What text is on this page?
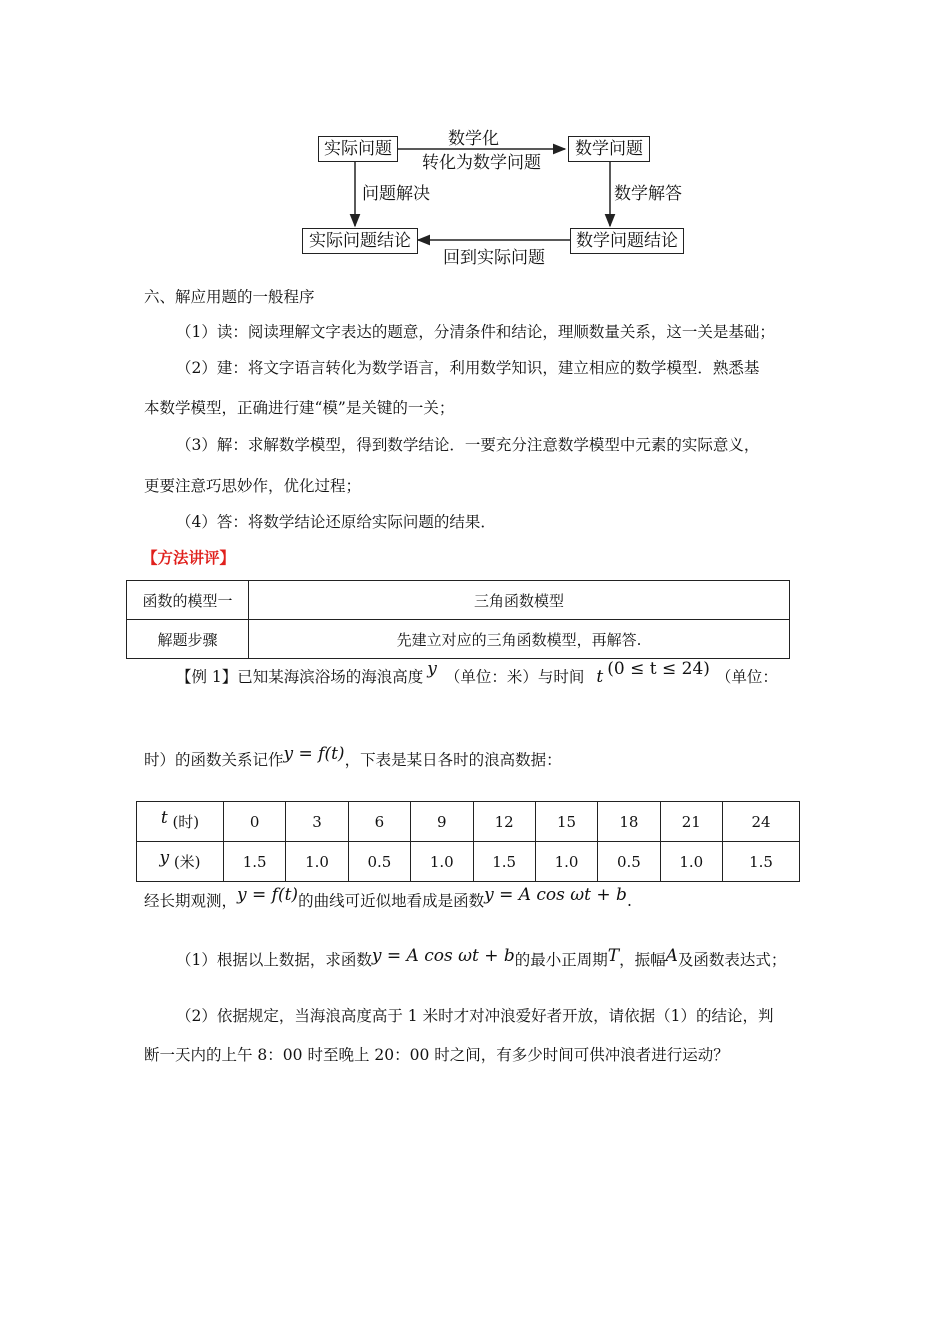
实际问题	数学问题
实际问题结论	数学问题结论
数学化
转化为数学问题
问题解决	数学解答
回到实际问题
六、解应用题的一般程序
（1）读：阅读理解文字表达的题意，分清条件和结论，理顺数量关系，这一关是基础；
（2）建：将文字语言转化为数学语言，利用数学知识，建立相应的数学模型．熟悉基
本数学模型，正确进行建“模”是关键的一关；
（3）解：求解数学模型，得到数学结论．一要充分注意数学模型中元素的实际意义，
更要注意巧思妙作，优化过程；
（4）答：将数学结论还原给实际问题的结果．
【方法讲评】
函数的模型一	三角函数模型
解题步骤	先建立对应的三角函数模型，再解答.
【例 1】已知某海滨浴场的海浪高度 y （单位：米）与时间 t (0 ≤ t ≤ 24) （单位：
时）的函数关系记作y = f(t)，下表是某日各时的浪高数据：
t (时)	0	3	6	9	12	15	18	21	24
y (米)	1.5	1.0	0.5	1.0	1.5	1.0	0.5	1.0	1.5
经长期观测，y = f(t)的曲线可近似地看成是函数y = A cos ωt + b.
（1）根据以上数据，求函数y = A cos ωt + b的最小正周期T，振幅A及函数表达式；
（2）依据规定，当海浪高度高于 1 米时才对冲浪爱好者开放，请依据（1）的结论，判
断一天内的上午 8：00 时至晚上 20：00 时之间，有多少时间可供冲浪者进行运动？
